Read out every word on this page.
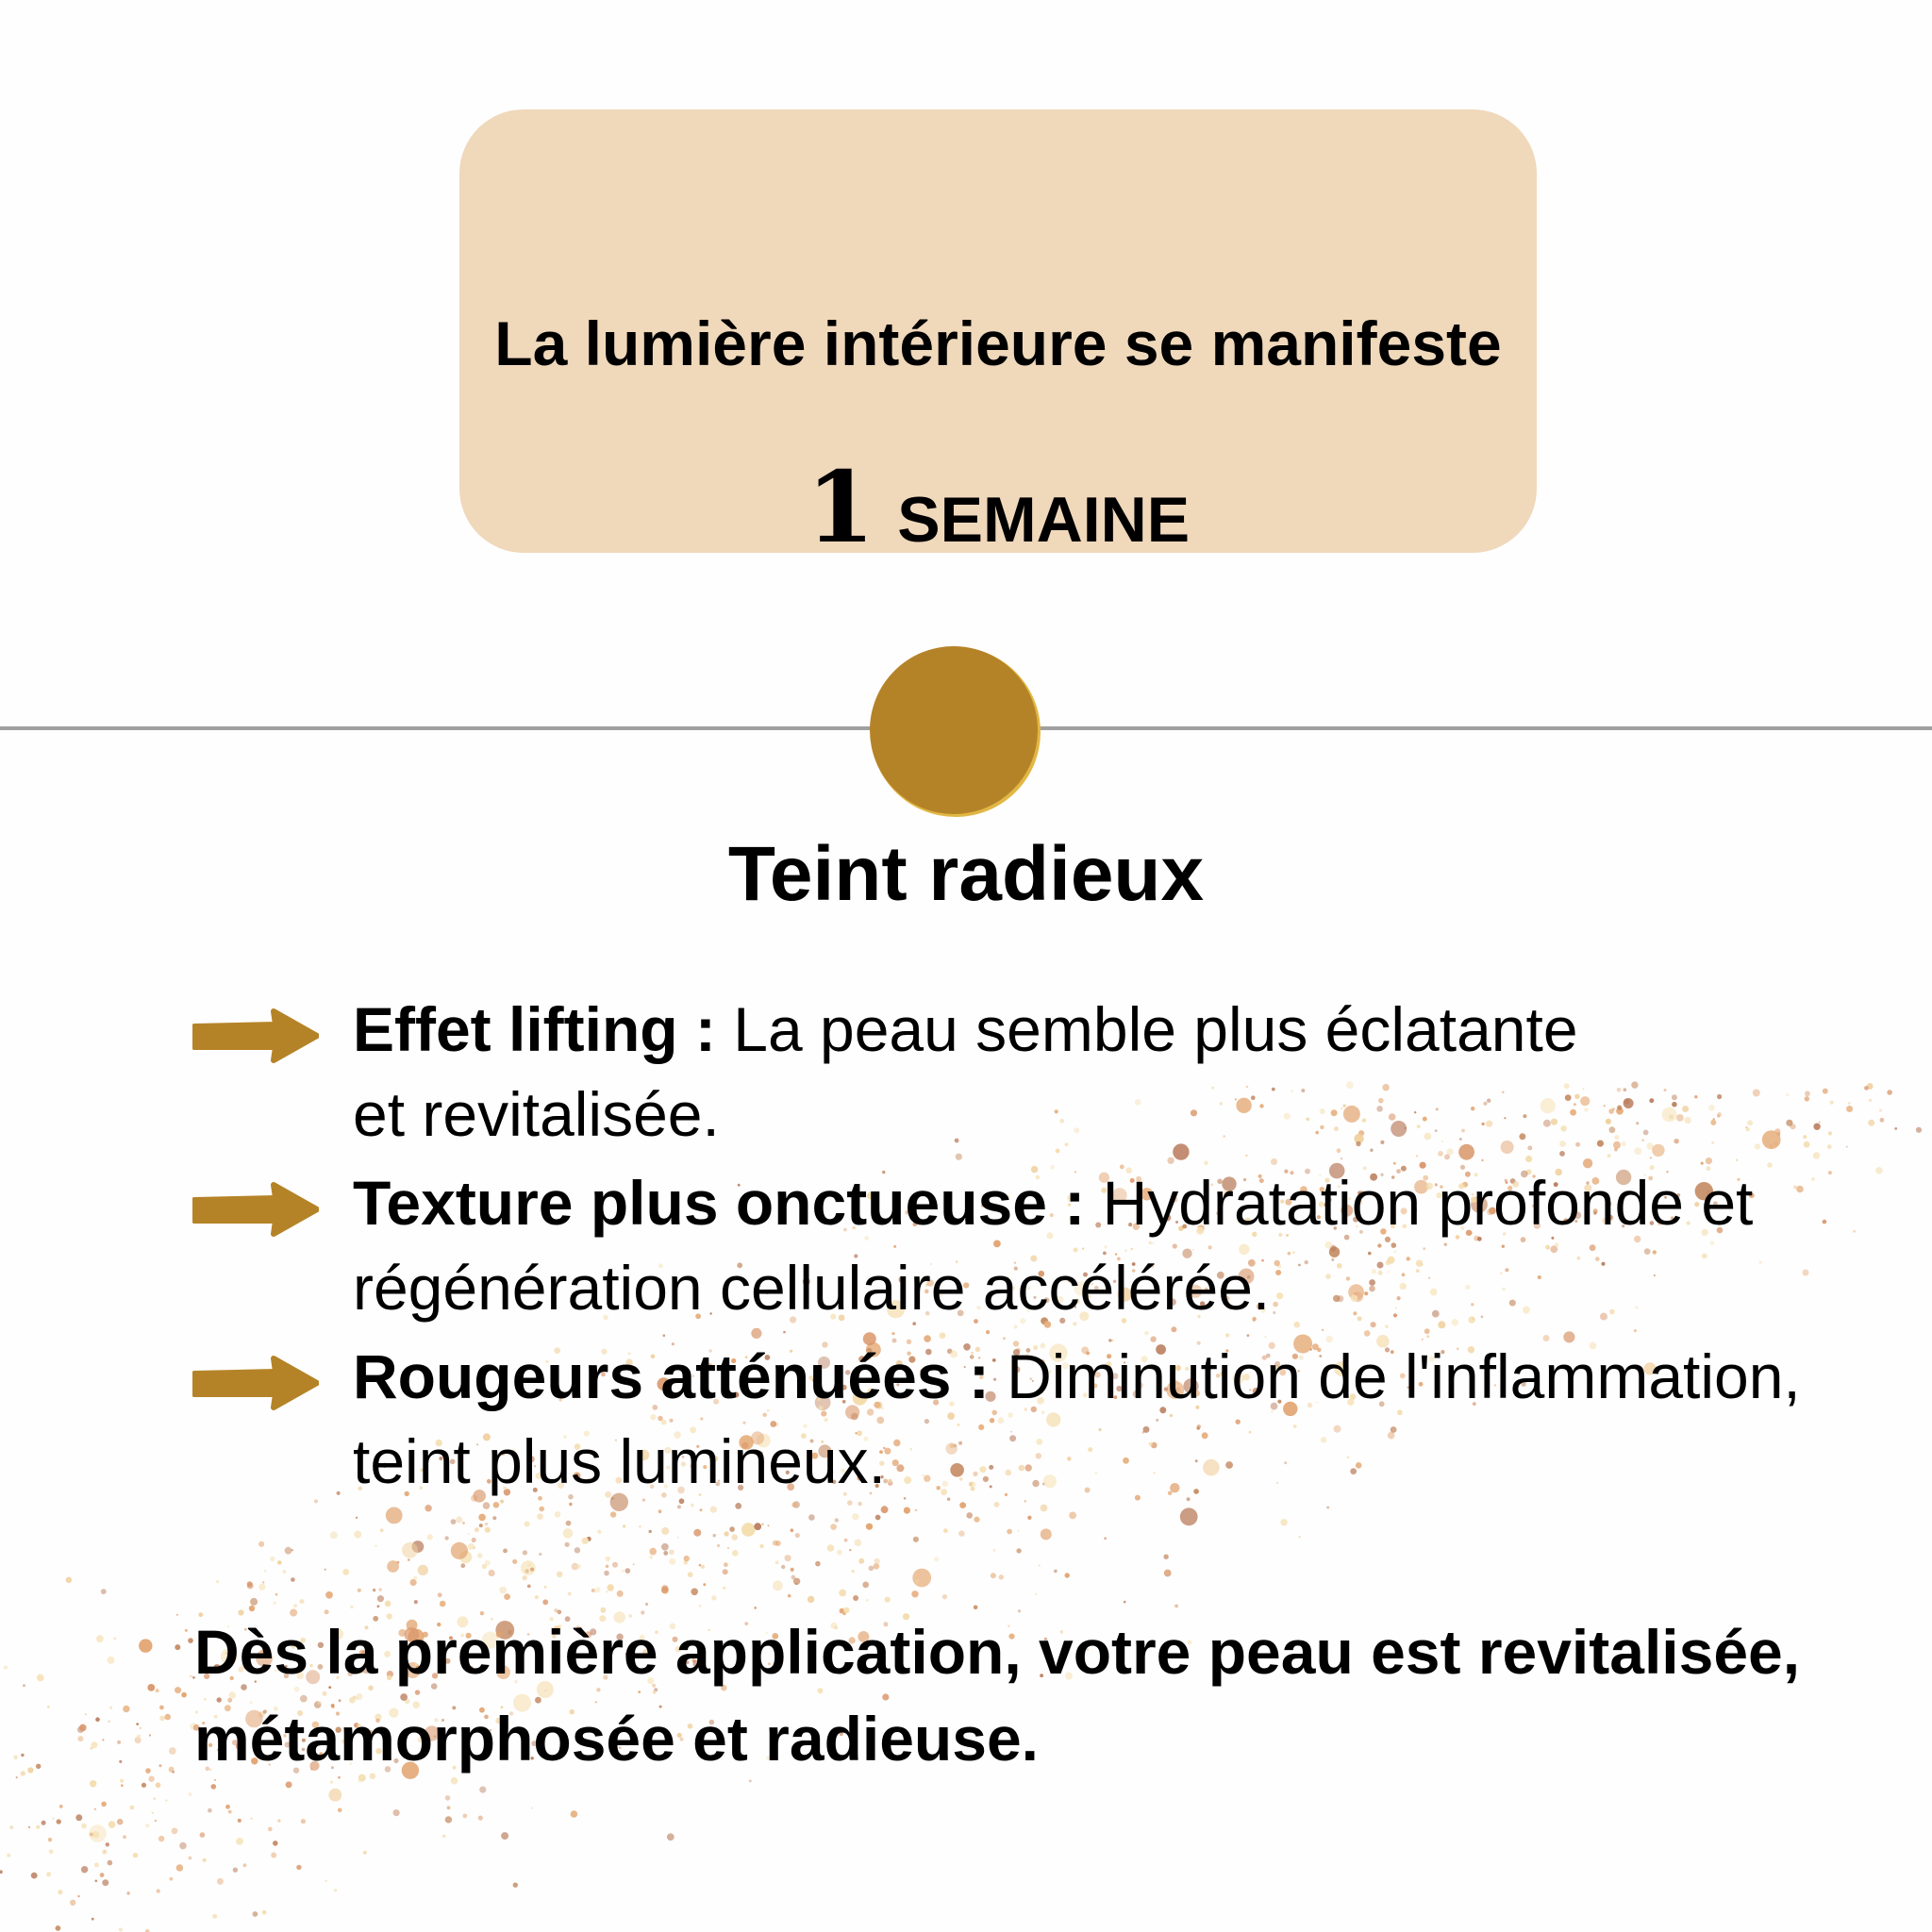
La lumière intérieure se manifeste
1 SEMAINE
Teint radieux
Effet lifting : La peau semble plus éclatante
et revitalisée.
Texture plus onctueuse : Hydratation profonde et
régénération cellulaire accélérée.
Rougeurs atténuées : Diminution de l'inflammation,
teint plus lumineux.
Dès la première application, votre peau est revitalisée,
métamorphosée et radieuse.
